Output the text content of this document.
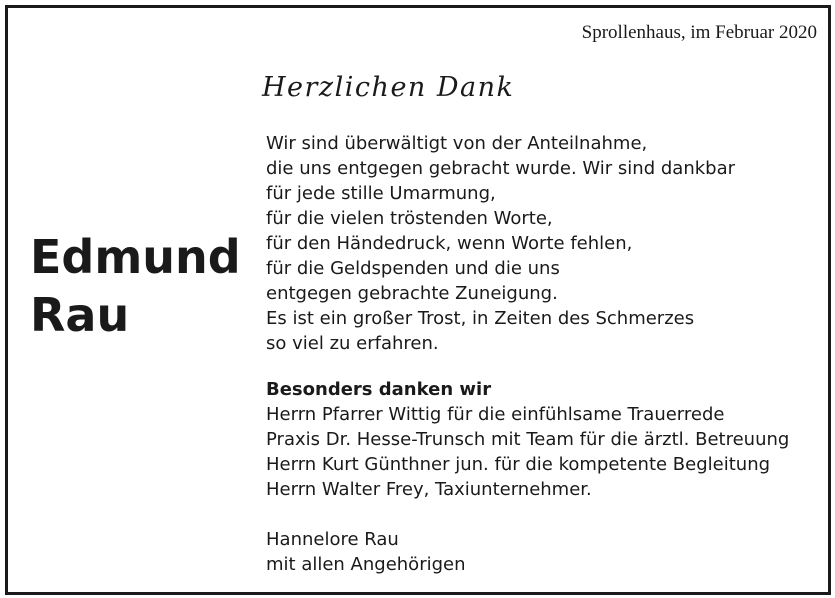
Sprollenhaus, im Februar 2020
Herzlichen Dank
Edmund
Rau
Wir sind überwältigt von der Anteilnahme,
die uns entgegen gebracht wurde. Wir sind dankbar
für jede stille Umarmung,
für die vielen tröstenden Worte,
für den Händedruck, wenn Worte fehlen,
für die Geldspenden und die uns
entgegen gebrachte Zuneigung.
Es ist ein großer Trost, in Zeiten des Schmerzes
so viel zu erfahren.
Besonders danken wir
Herrn Pfarrer Wittig für die einfühlsame Trauerrede
Praxis Dr. Hesse-Trunsch mit Team für die ärztl. Betreuung
Herrn Kurt Günthner jun. für die kompetente Begleitung
Herrn Walter Frey, Taxiunternehmer.
Hannelore Rau
mit allen Angehörigen
